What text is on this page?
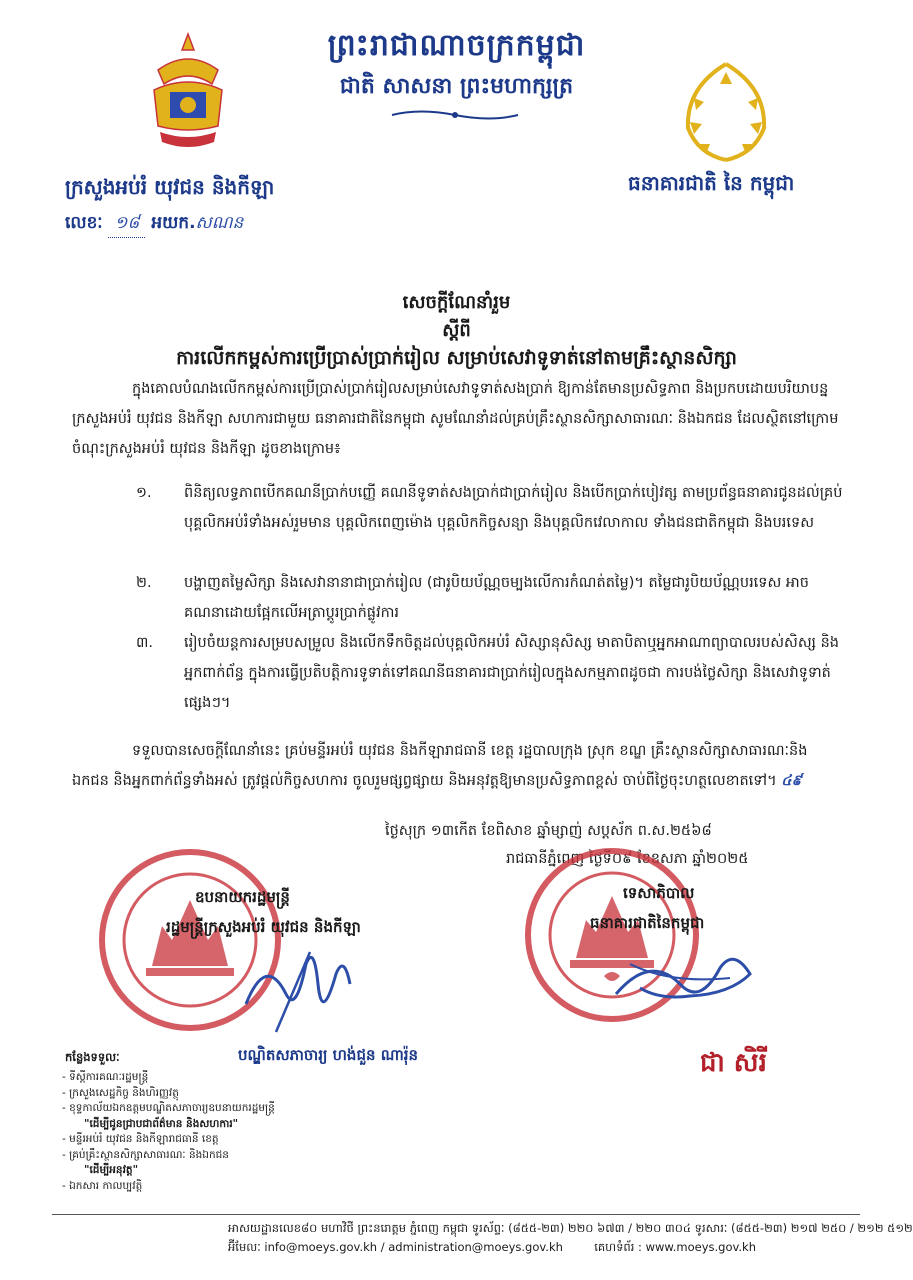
ព្រះរាជាណាចក្រកម្ពុជា
ជាតិ សាសនា ព្រះមហាក្សត្រ
ក្រសួងអប់រំ យុវជន និងកីឡា	ធនាគារជាតិ នៃ កម្ពុជា
លេខៈ ១៨ អយក.សណន
សេចក្ដីណែនាំរួម
ស្ដីពី
ការលើកកម្ពស់ការប្រើប្រាស់ប្រាក់រៀល សម្រាប់សេវាទូទាត់នៅតាមគ្រឹះស្ថានសិក្សា
ក្នុងគោលបំណងលើកកម្ពស់ការប្រើប្រាស់ប្រាក់រៀលសម្រាប់សេវាទូទាត់សងប្រាក់ ឱ្យកាន់តែមានប្រសិទ្ធភាព និងប្រកបដោយបរិយាបន្ន ក្រសួងអប់រំ យុវជន និងកីឡា សហការជាមួយ ធនាគារជាតិនៃកម្ពុជា សូមណែនាំដល់គ្រប់គ្រឹះស្ថានសិក្សាសាធារណៈ និងឯកជន ដែលស្ថិតនៅក្រោមចំណុះក្រសួងអប់រំ យុវជន និងកីឡា ដូចខាងក្រោម៖
១. ពិនិត្យលទ្ធភាពបើកគណនីប្រាក់បញ្ញើ គណនីទូទាត់សងប្រាក់ជាប្រាក់រៀល និងបើកប្រាក់បៀវត្ស តាមប្រព័ន្ធធនាគារជូនដល់គ្រប់បុគ្គលិកអប់រំទាំងអស់រួមមាន បុគ្គលិកពេញម៉ោង បុគ្គលិកកិច្ចសន្យា និងបុគ្គលិកវេលាកាល ទាំងជនជាតិកម្ពុជា និងបរទេស
២. បង្ហាញតម្លៃសិក្សា និងសេវានានាជាប្រាក់រៀល (ជារូបិយប័ណ្ណចម្បងលើការកំណត់តម្លៃ)។ តម្លៃជារូបិយប័ណ្ណបរទេស អាចគណនាដោយផ្អែកលើអត្រាប្ដូរប្រាក់ផ្លូវការ
៣. រៀបចំយន្តការសម្របសម្រួល និងលើកទឹកចិត្តដល់បុគ្គលិកអប់រំ សិស្សានុសិស្ស មាតាបិតាឬអ្នកអាណាព្យាបាលរបស់សិស្ស និងអ្នកពាក់ព័ន្ធ ក្នុងការធ្វើប្រតិបត្តិការទូទាត់ទៅគណនីធនាគារជាប្រាក់រៀលក្នុងសកម្មភាពដូចជា ការបង់ថ្លៃសិក្សា និងសេវាទូទាត់ផ្សេងៗ។
ទទួលបានសេចក្ដីណែនាំនេះ គ្រប់មន្ទីរអប់រំ យុវជន និងកីឡារាជធានី ខេត្ត រដ្ឋបាលក្រុង ស្រុក ខណ្ឌ គ្រឹះស្ថានសិក្សាសាធារណៈនិងឯកជន និងអ្នកពាក់ព័ន្ធទាំងអស់ ត្រូវផ្ដល់កិច្ចសហការ ចូលរួមផ្សព្វផ្សាយ និងអនុវត្តឱ្យមានប្រសិទ្ធភាពខ្ពស់ ចាប់ពីថ្ងៃចុះហត្ថលេខាតទៅ។ ៤៩
ថ្ងៃសុក្រ ១៣កើត ខែពិសាខ ឆ្នាំម្សាញ់ សប្តស័ក ព.ស.២៥៦៨
រាជធានីភ្នំពេញ ថ្ងៃទី០៩ ខែឧសភា ឆ្នាំ២០២៥
ឧបនាយករដ្ឋមន្ត្រី
រដ្ឋមន្ត្រីក្រសួងអប់រំ យុវជន និងកីឡា
ទេសាភិបាល
ធនាគារជាតិនៃកម្ពុជា
បណ្ឌិតសភាចារ្យ ហង់ជួន ណារ៉ុន	ជា សិរី
កន្លែងទទួលៈ
- ទីស្ដីការគណៈរដ្ឋមន្ត្រី
- ក្រសួងសេដ្ឋកិច្ច និងហិរញ្ញវត្ថុ
- ខុទ្ទកាល័យឯកឧត្តមបណ្ឌិតសភាចារ្យឧបនាយករដ្ឋមន្ត្រី
"ដើម្បីជូនជ្រាបជាព័ត៌មាន និងសហការ"
- មន្ទីរអប់រំ យុវជន និងកីឡារាជធានី ខេត្ត
- គ្រប់គ្រឹះស្ថានសិក្សាសាធារណៈ និងឯកជន
"ដើម្បីអនុវត្ត"
- ឯកសារ កាលប្បវត្តិ
អាសយដ្ឋានលេខ៨០ មហាវិថី ព្រះនរោត្តម ភ្នំពេញ កម្ពុជា ទូរស័ព្ទៈ (៨៥៥-២៣) ២២០ ៦៧៣ / ២២០ ៣០៤ ទូរសារៈ (៨៥៥-២៣) ២១៧ ២៥០ / ២១២ ៥១២
អ៊ីមែលៈ info@moeys.gov.kh / administration@moeys.gov.kh	គេហទំព័រ : www.moeys.gov.kh
